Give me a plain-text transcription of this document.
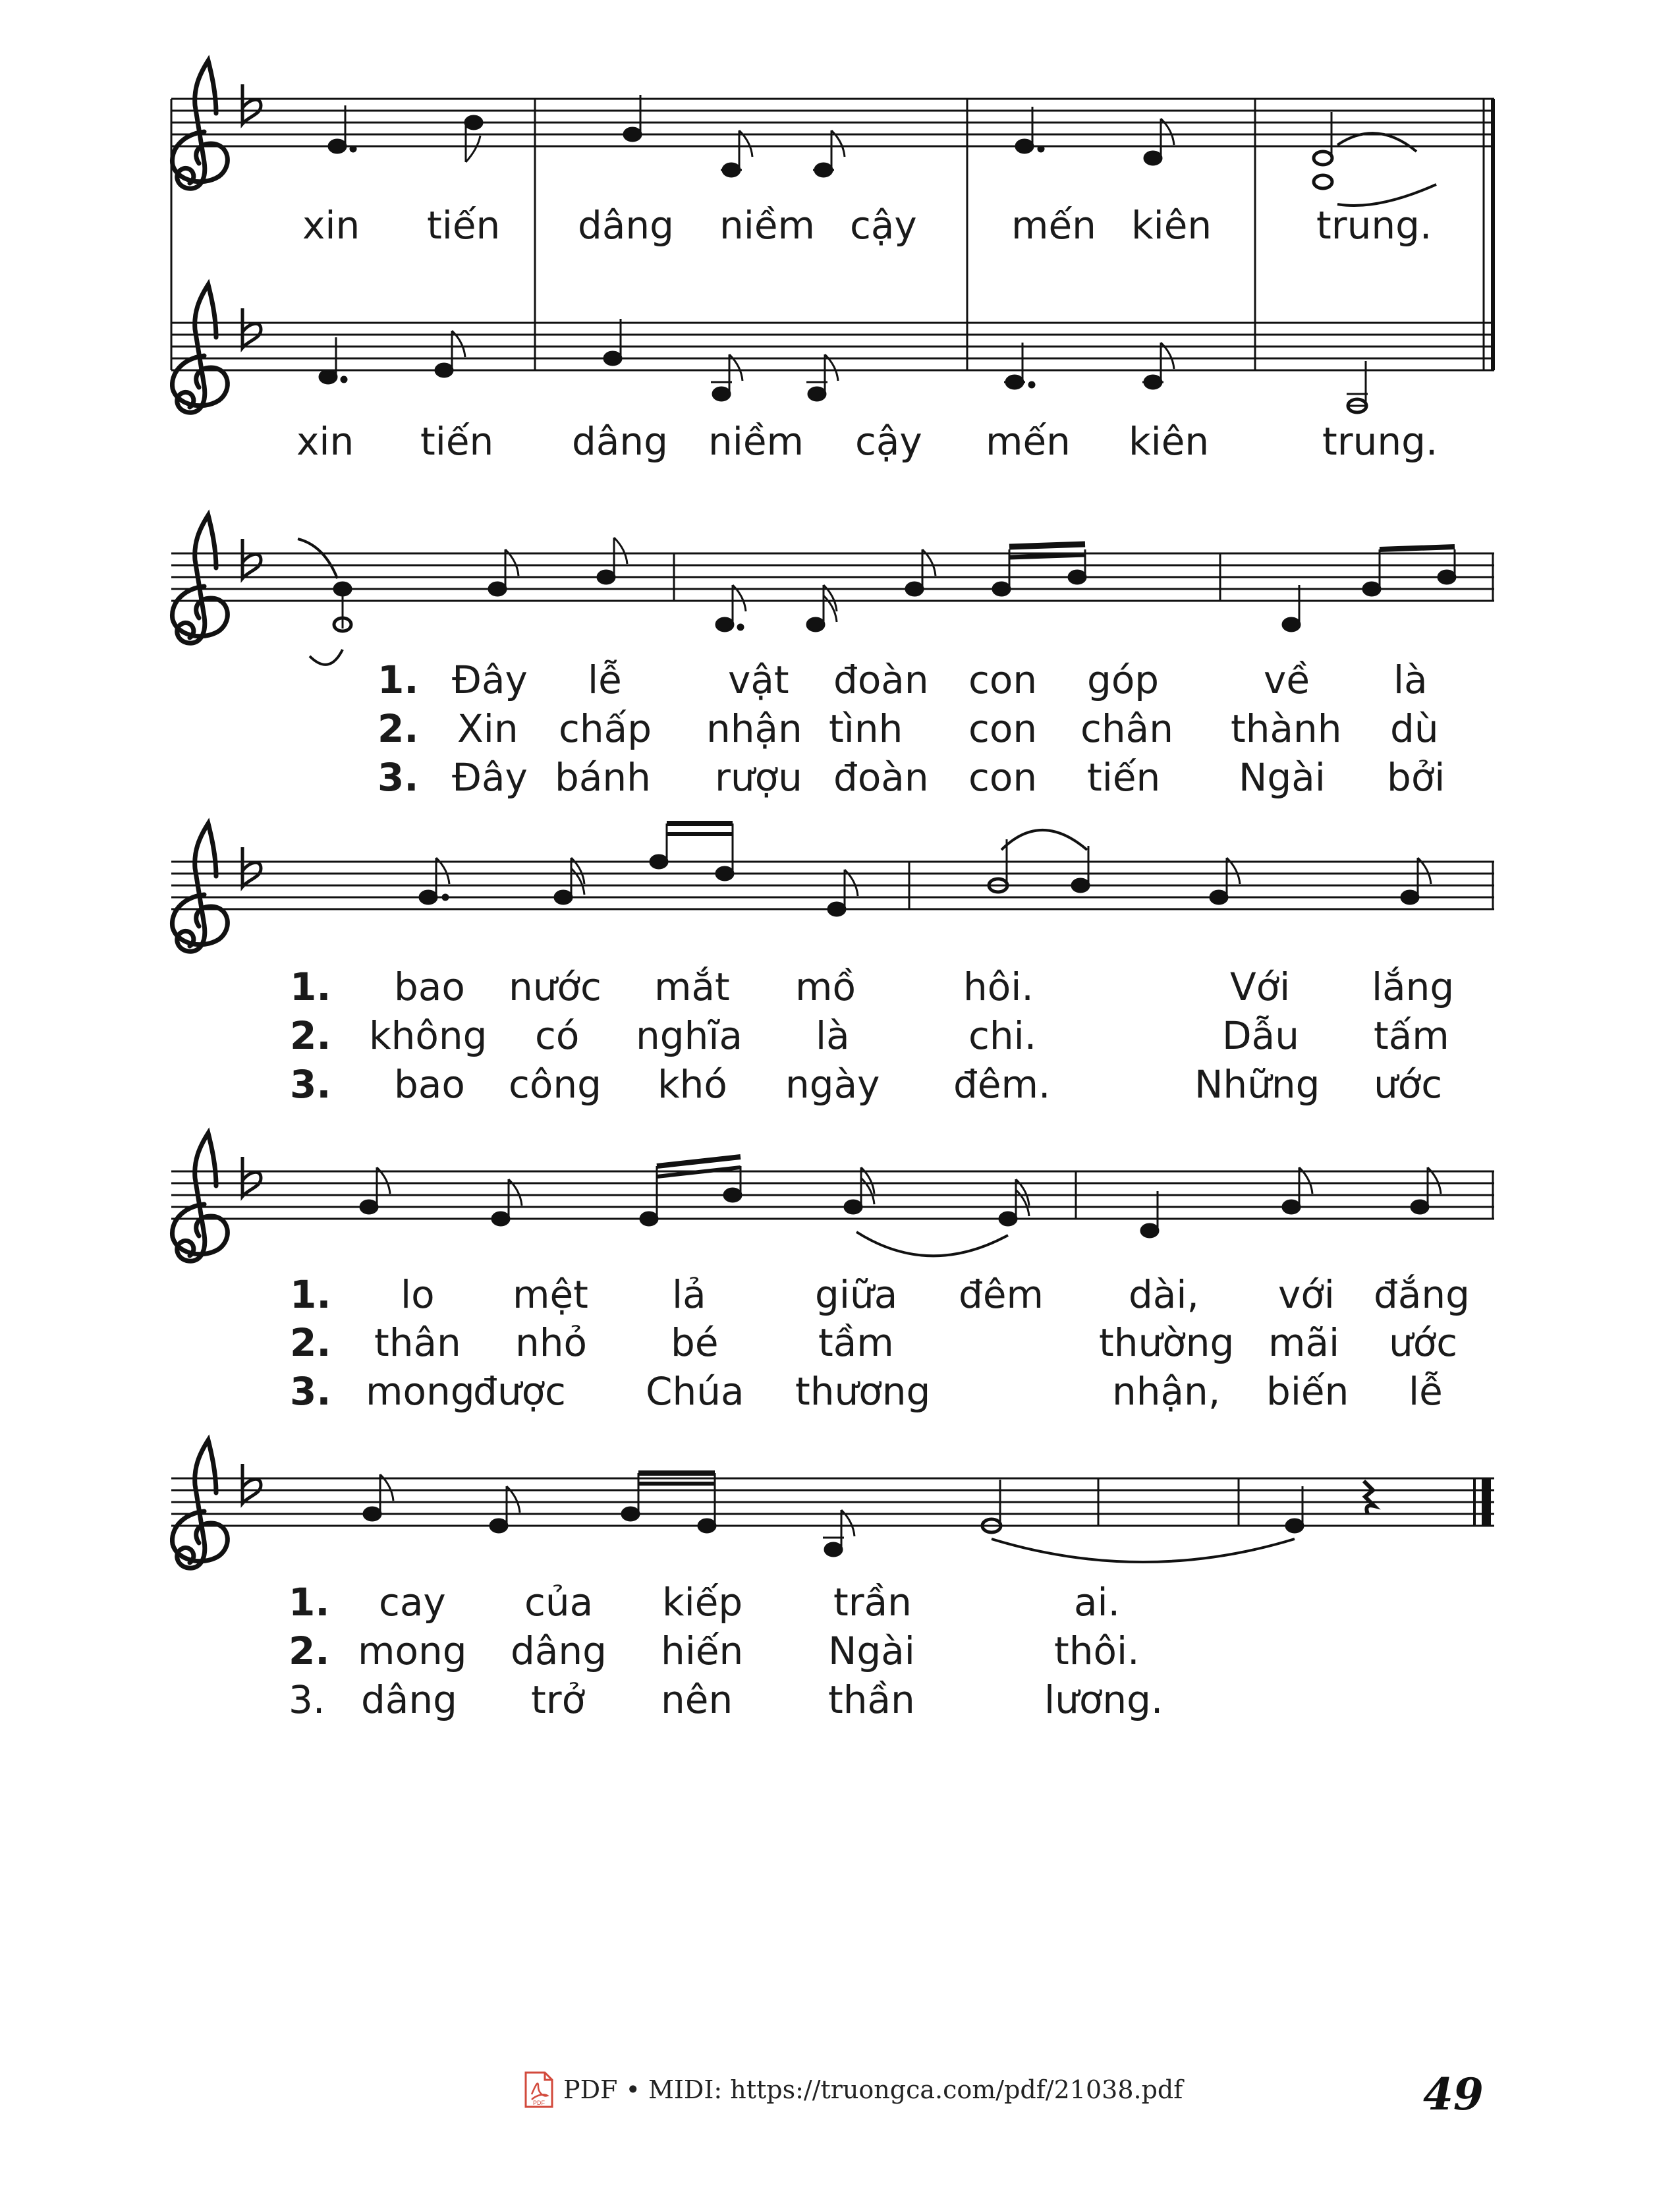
xin tiến dâng niềm cậy mến kiên	trung.
xin tiến dâng niềm cậy mến kiên	trung.
1. Đây lễ	vật đoàn con góp	về là
2. Xin chấp nhận tình con chân thành dù
3. Đây bánh rượu đoàn con tiến Ngài bởi
1. bao nước mắt mồ	hôi.	Với lắng
2. không có nghĩa là	chi.	Dẫu tấm
3. bao công khó ngày đêm.	Những ước
1. lo mệt lả	giữa đêm dài, với đắng
2. thân nhỏ bé	tầm	thường mãi ước
3. mong
được Chúa thương	nhận, biến lễ
1. cay của kiếp trần	ai.
2. mong dâng hiến Ngài	thôi.
3. dâng trở nên thần	lương.
PDF PDF • MIDI: https://truongca.com/pdf/21038.pdf	49
